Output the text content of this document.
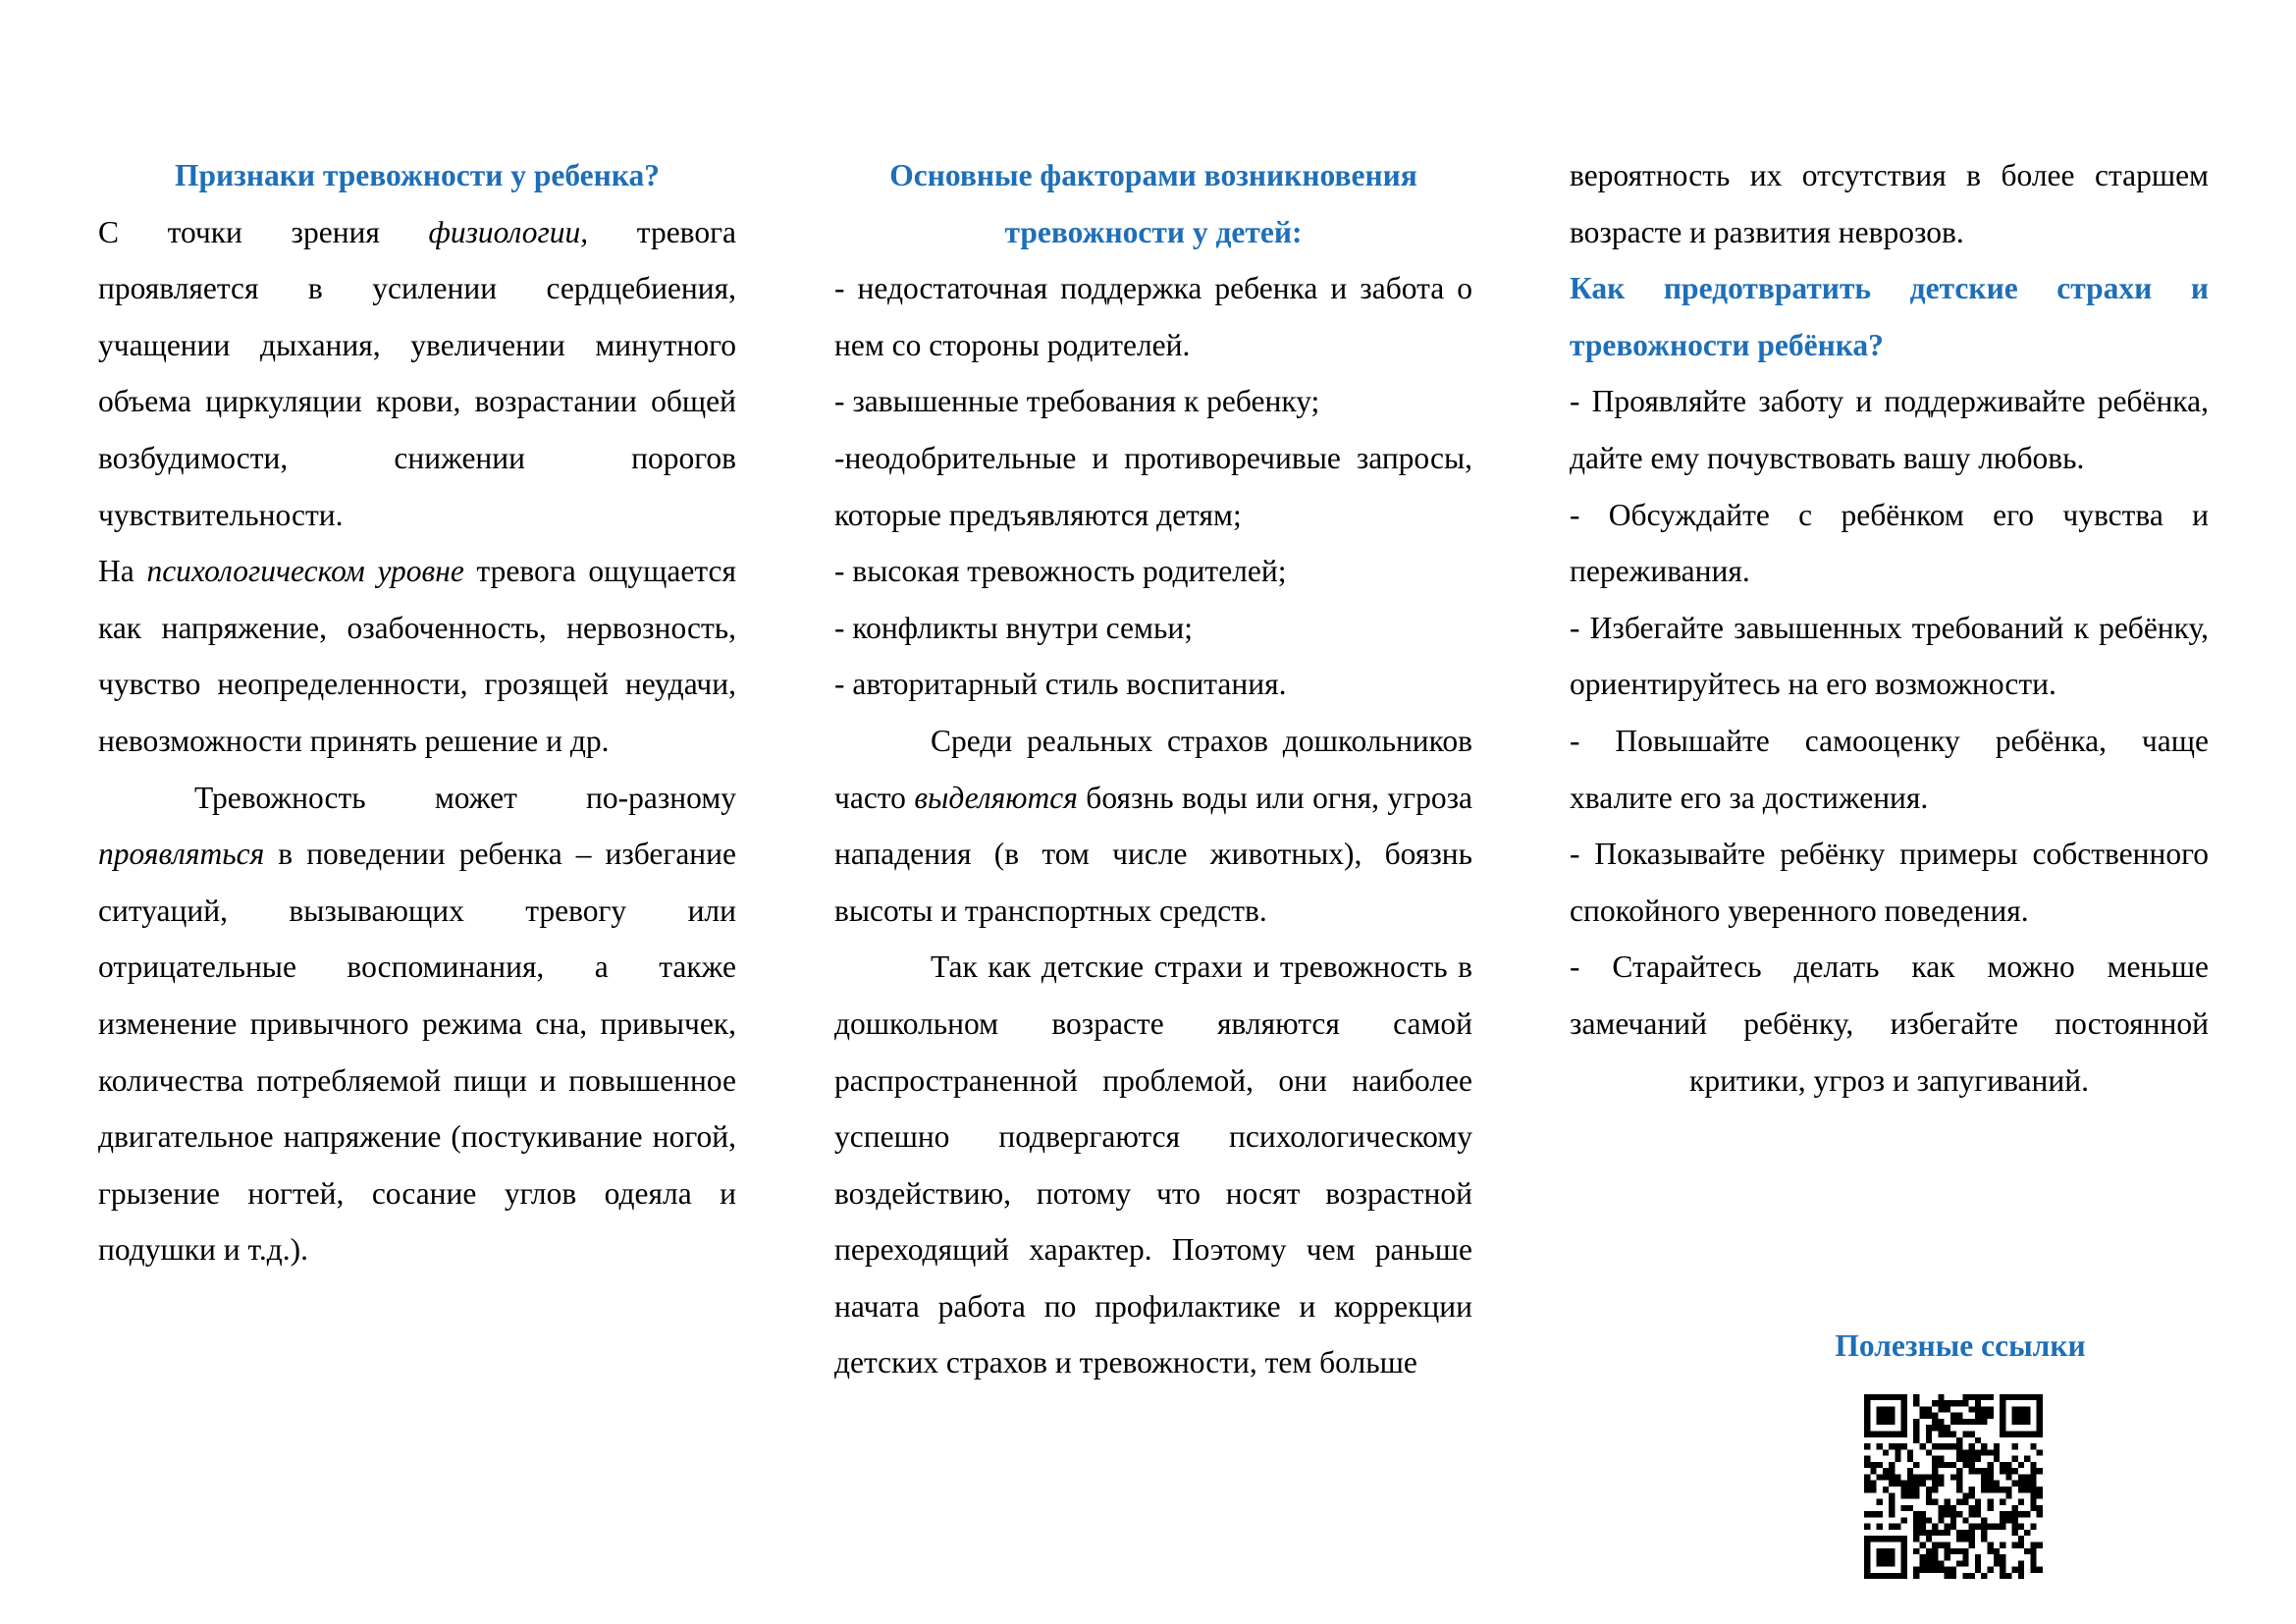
Признаки тревожности у ребенка?

С точки зрения физиологии, тревога проявляется в усилении сердцебиения, учащении дыхания, увеличении минутного объема циркуляции крови, возрастании общей возбудимости, снижении порогов чувствительности.

На психологическом уровне тревога ощущается как напряжение, озабоченность, нервозность, чувство неопределенности, грозящей неудачи, невозможности принять решение и др.

Тревожность может по-разному проявляться в поведении ребенка – избегание ситуаций, вызывающих тревогу или отрицательные воспоминания, а также изменение привычного режима сна, привычек, количества потребляемой пищи и повышенное двигательное напряжение (постукивание ногой, грызение ногтей, сосание углов одеяла и подушки и т.д.).

Основные факторами возникновения тревожности у детей:

- недостаточная поддержка ребенка и забота о нем со стороны родителей.

- завышенные требования к ребенку;

-неодобрительные и противоречивые запросы, которые предъявляются детям;

- высокая тревожность родителей;

- конфликты внутри семьи;

- авторитарный стиль воспитания.

Среди реальных страхов дошкольников часто выделяются боязнь воды или огня, угроза нападения (в том числе животных), боязнь высоты и транспортных средств.

Так как детские страхи и тревожность в дошкольном возрасте являются самой распространенной проблемой, они наиболее успешно подвергаются психологическому воздействию, потому что носят возрастной переходящий характер. Поэтому чем раньше начата работа по профилактике и коррекции детских страхов и тревожности, тем больше

вероятность их отсутствия в более старшем возрасте и развития неврозов.

Как предотвратить детские страхи и тревожности ребёнка?

- Проявляйте заботу и поддерживайте ребёнка, дайте ему почувствовать вашу любовь.

- Обсуждайте с ребёнком его чувства и переживания.

- Избегайте завышенных требований к ребёнку, ориентируйтесь на его возможности.

- Повышайте самооценку ребёнка, чаще хвалите его за достижения.

- Показывайте ребёнку примеры собственного спокойного уверенного поведения.

- Старайтесь делать как можно меньше замечаний ребёнку, избегайте постоянной

критики, угроз и запугиваний.

Полезные ссылки
